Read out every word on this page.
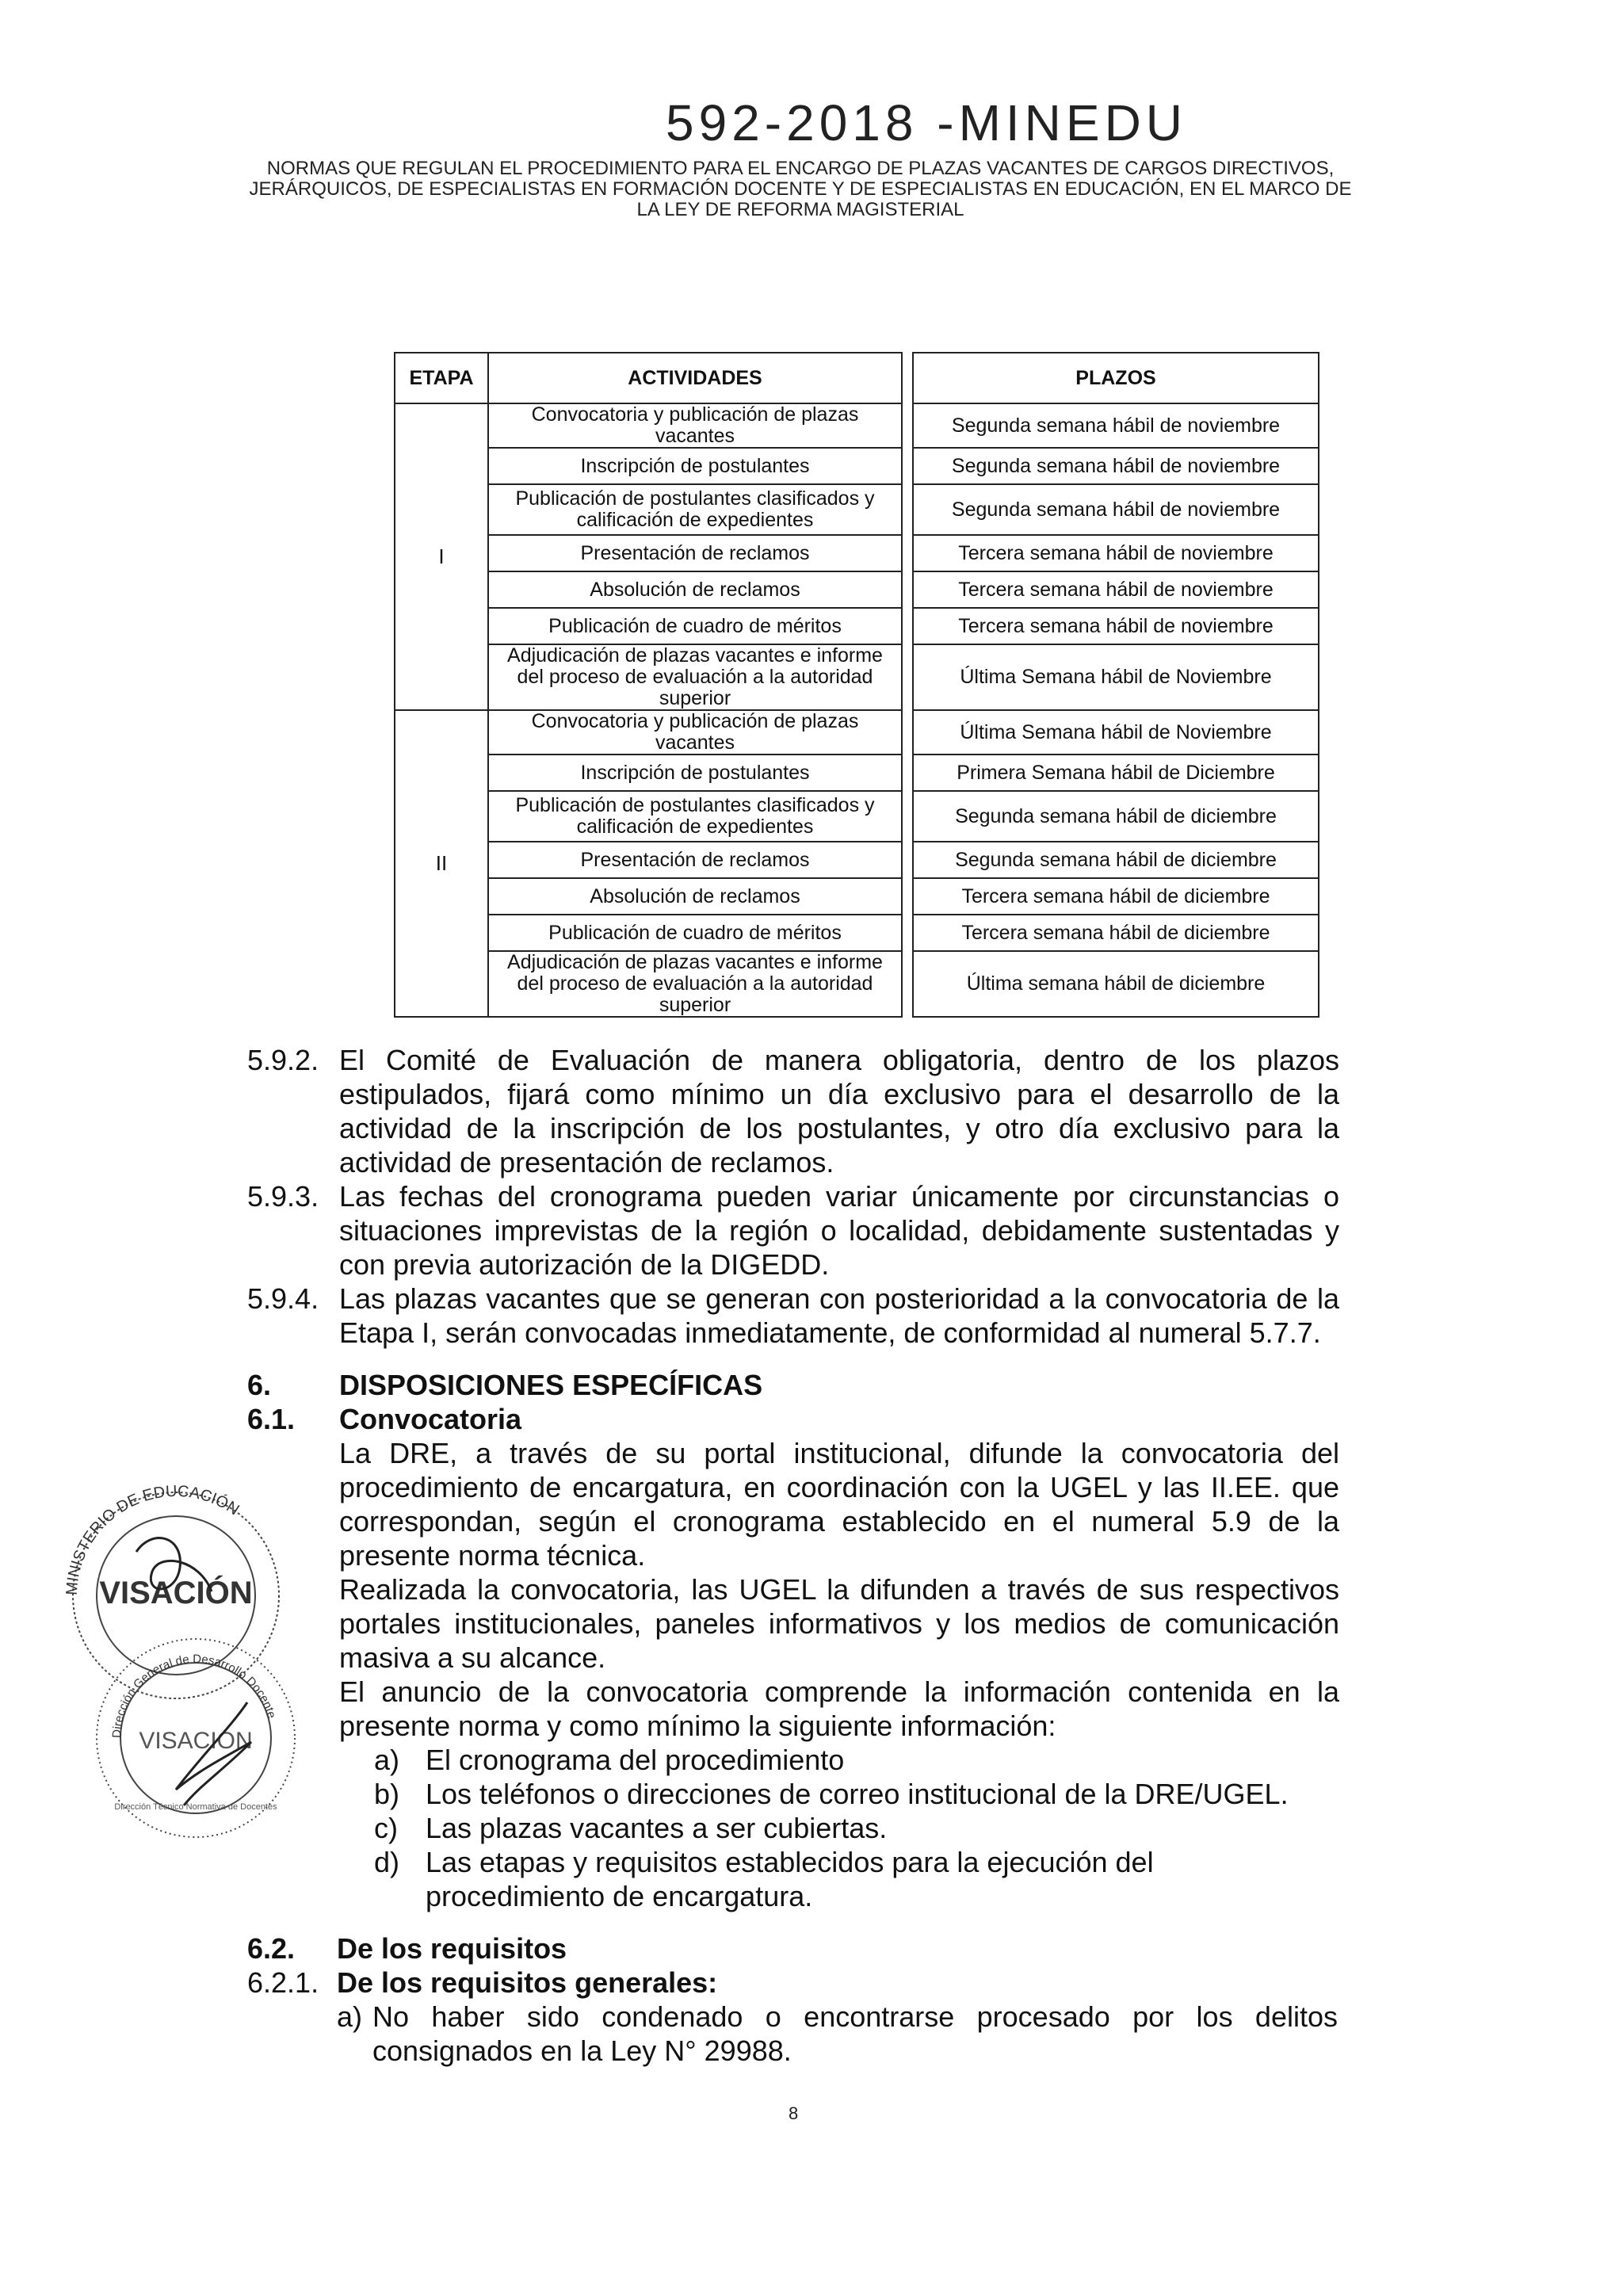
592-2018 -MINEDU
NORMAS QUE REGULAN EL PROCEDIMIENTO PARA EL ENCARGO DE PLAZAS VACANTES DE CARGOS DIRECTIVOS, JERÁRQUICOS, DE ESPECIALISTAS EN FORMACIÓN DOCENTE Y DE ESPECIALISTAS EN EDUCACIÓN, EN EL MARCO DE LA LEY DE REFORMA MAGISTERIAL
ETAPA	ACTIVIDADES		PLAZOS
I	Convocatoria y publicación de plazas vacantes		Segunda semana hábil de noviembre
	Inscripción de postulantes		Segunda semana hábil de noviembre
	Publicación de postulantes clasificados y calificación de expedientes		Segunda semana hábil de noviembre
	Presentación de reclamos		Tercera semana hábil de noviembre
	Absolución de reclamos		Tercera semana hábil de noviembre
	Publicación de cuadro de méritos		Tercera semana hábil de noviembre
	Adjudicación de plazas vacantes e informe del proceso de evaluación a la autoridad superior		Última Semana hábil de Noviembre
II	Convocatoria y publicación de plazas vacantes		Última Semana hábil de Noviembre
	Inscripción de postulantes		Primera Semana hábil de Diciembre
	Publicación de postulantes clasificados y calificación de expedientes		Segunda semana hábil de diciembre
	Presentación de reclamos		Segunda semana hábil de diciembre
	Absolución de reclamos		Tercera semana hábil de diciembre
	Publicación de cuadro de méritos		Tercera semana hábil de diciembre
	Adjudicación de plazas vacantes e informe del proceso de evaluación a la autoridad superior		Última semana hábil de diciembre
5.9.2. El Comité de Evaluación de manera obligatoria, dentro de los plazos estipulados, fijará como mínimo un día exclusivo para el desarrollo de la actividad de la inscripción de los postulantes, y otro día exclusivo para la actividad de presentación de reclamos.
5.9.3. Las fechas del cronograma pueden variar únicamente por circunstancias o situaciones imprevistas de la región o localidad, debidamente sustentadas y con previa autorización de la DIGEDD.
5.9.4. Las plazas vacantes que se generan con posterioridad a la convocatoria de la Etapa I, serán convocadas inmediatamente, de conformidad al numeral 5.7.7.
6. DISPOSICIONES ESPECÍFICAS
6.1. Convocatoria
La DRE, a través de su portal institucional, difunde la convocatoria del procedimiento de encargatura, en coordinación con la UGEL y las II.EE. que correspondan, según el cronograma establecido en el numeral 5.9 de la presente norma técnica.
Realizada la convocatoria, las UGEL la difunden a través de sus respectivos portales institucionales, paneles informativos y los medios de comunicación masiva a su alcance.
El anuncio de la convocatoria comprende la información contenida en la presente norma y como mínimo la siguiente información:
a) El cronograma del procedimiento
b) Los teléfonos o direcciones de correo institucional de la DRE/UGEL.
c) Las plazas vacantes a ser cubiertas.
d) Las etapas y requisitos establecidos para la ejecución del procedimiento de encargatura.
6.2. De los requisitos
6.2.1. De los requisitos generales:
a) No haber sido condenado o encontrarse procesado por los delitos consignados en la Ley N° 29988.
MINISTERIO DE EDUCACIÓN
VISACIÓN
Dirección General de Desarrollo Docente
VISACIÓN
Dirección Técnico Normativa de Docentes
8
